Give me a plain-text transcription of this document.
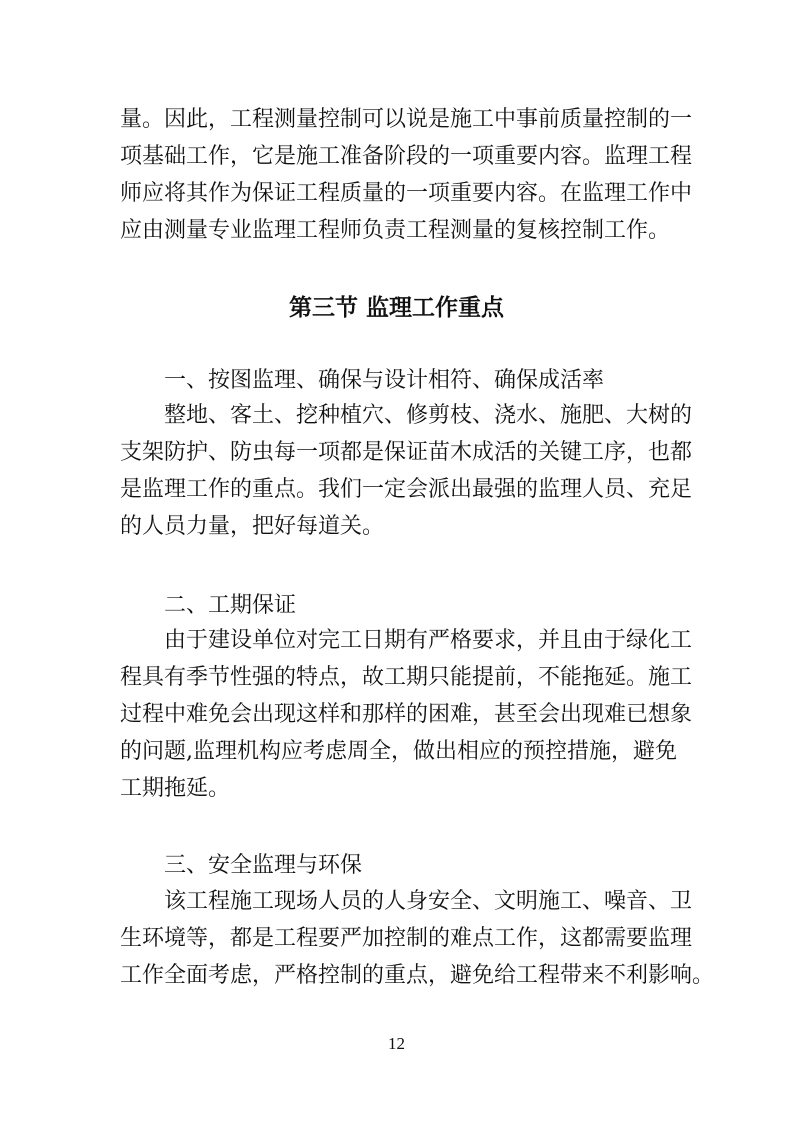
量。因此，工程测量控制可以说是施工中事前质量控制的一
项基础工作，它是施工准备阶段的一项重要内容。监理工程
师应将其作为保证工程质量的一项重要内容。在监理工作中
应由测量专业监理工程师负责工程测量的复核控制工作。
第三节 监理工作重点
一、按图监理、确保与设计相符、确保成活率
整地、客土、挖种植穴、修剪枝、浇水、施肥、大树的
支架防护、防虫每一项都是保证苗木成活的关键工序，也都
是监理工作的重点。我们一定会派出最强的监理人员、充足
的人员力量，把好每道关。
二、工期保证
由于建设单位对完工日期有严格要求，并且由于绿化工
程具有季节性强的特点，故工期只能提前，不能拖延。施工
过程中难免会出现这样和那样的困难，甚至会出现难已想象
的问题,监理机构应考虑周全，做出相应的预控措施，避免
工期拖延。
三、安全监理与环保
该工程施工现场人员的人身安全、文明施工、噪音、卫
生环境等，都是工程要严加控制的难点工作，这都需要监理
工作全面考虑，严格控制的重点，避免给工程带来不利影响。
12
